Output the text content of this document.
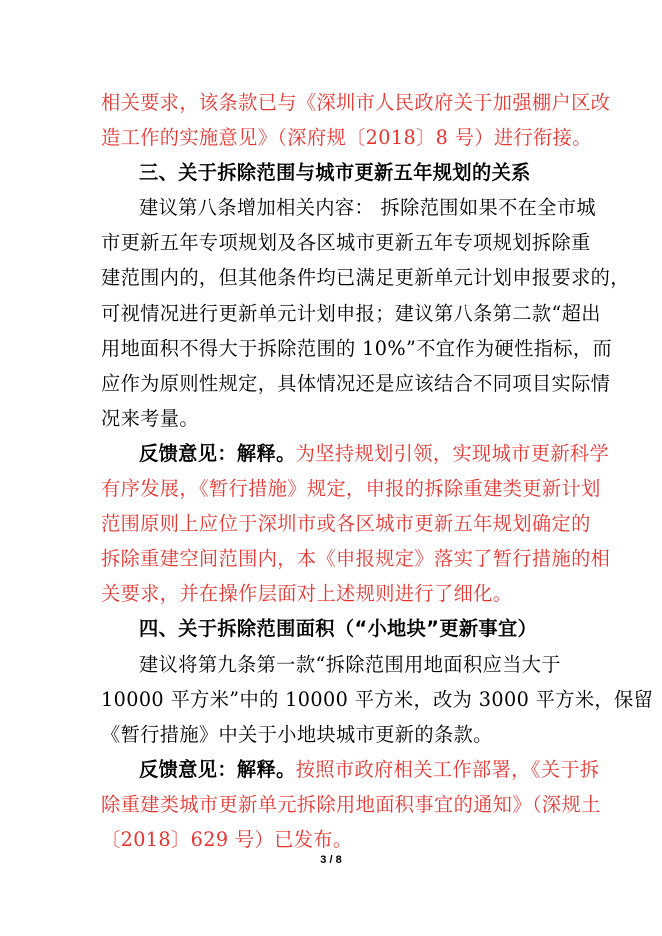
相关要求，该条款已与《深圳市人民政府关于加强棚户区改
造工作的实施意见》（深府规〔2018〕8 号）进行衔接。
三、关于拆除范围与城市更新五年规划的关系
建议第八条增加相关内容： 拆除范围如果不在全市城
市更新五年专项规划及各区城市更新五年专项规划拆除重
建范围内的，但其他条件均已满足更新单元计划申报要求的，
可视情况进行更新单元计划申报；建议第八条第二款“超出
用地面积不得大于拆除范围的 10%”不宜作为硬性指标，而
应作为原则性规定，具体情况还是应该结合不同项目实际情
况来考量。
反馈意见：解释。为坚持规划引领，实现城市更新科学
有序发展，《暂行措施》规定，申报的拆除重建类更新计划
范围原则上应位于深圳市或各区城市更新五年规划确定的
拆除重建空间范围内，本《申报规定》落实了暂行措施的相
关要求，并在操作层面对上述规则进行了细化。
四、关于拆除范围面积（“小地块”更新事宜）
建议将第九条第一款“拆除范围用地面积应当大于
10000 平方米”中的 10000 平方米，改为 3000 平方米，保留
《暂行措施》中关于小地块城市更新的条款。
反馈意见：解释。按照市政府相关工作部署，《关于拆
除重建类城市更新单元拆除用地面积事宜的通知》（深规土
〔2018〕629 号）已发布。
3 / 8
